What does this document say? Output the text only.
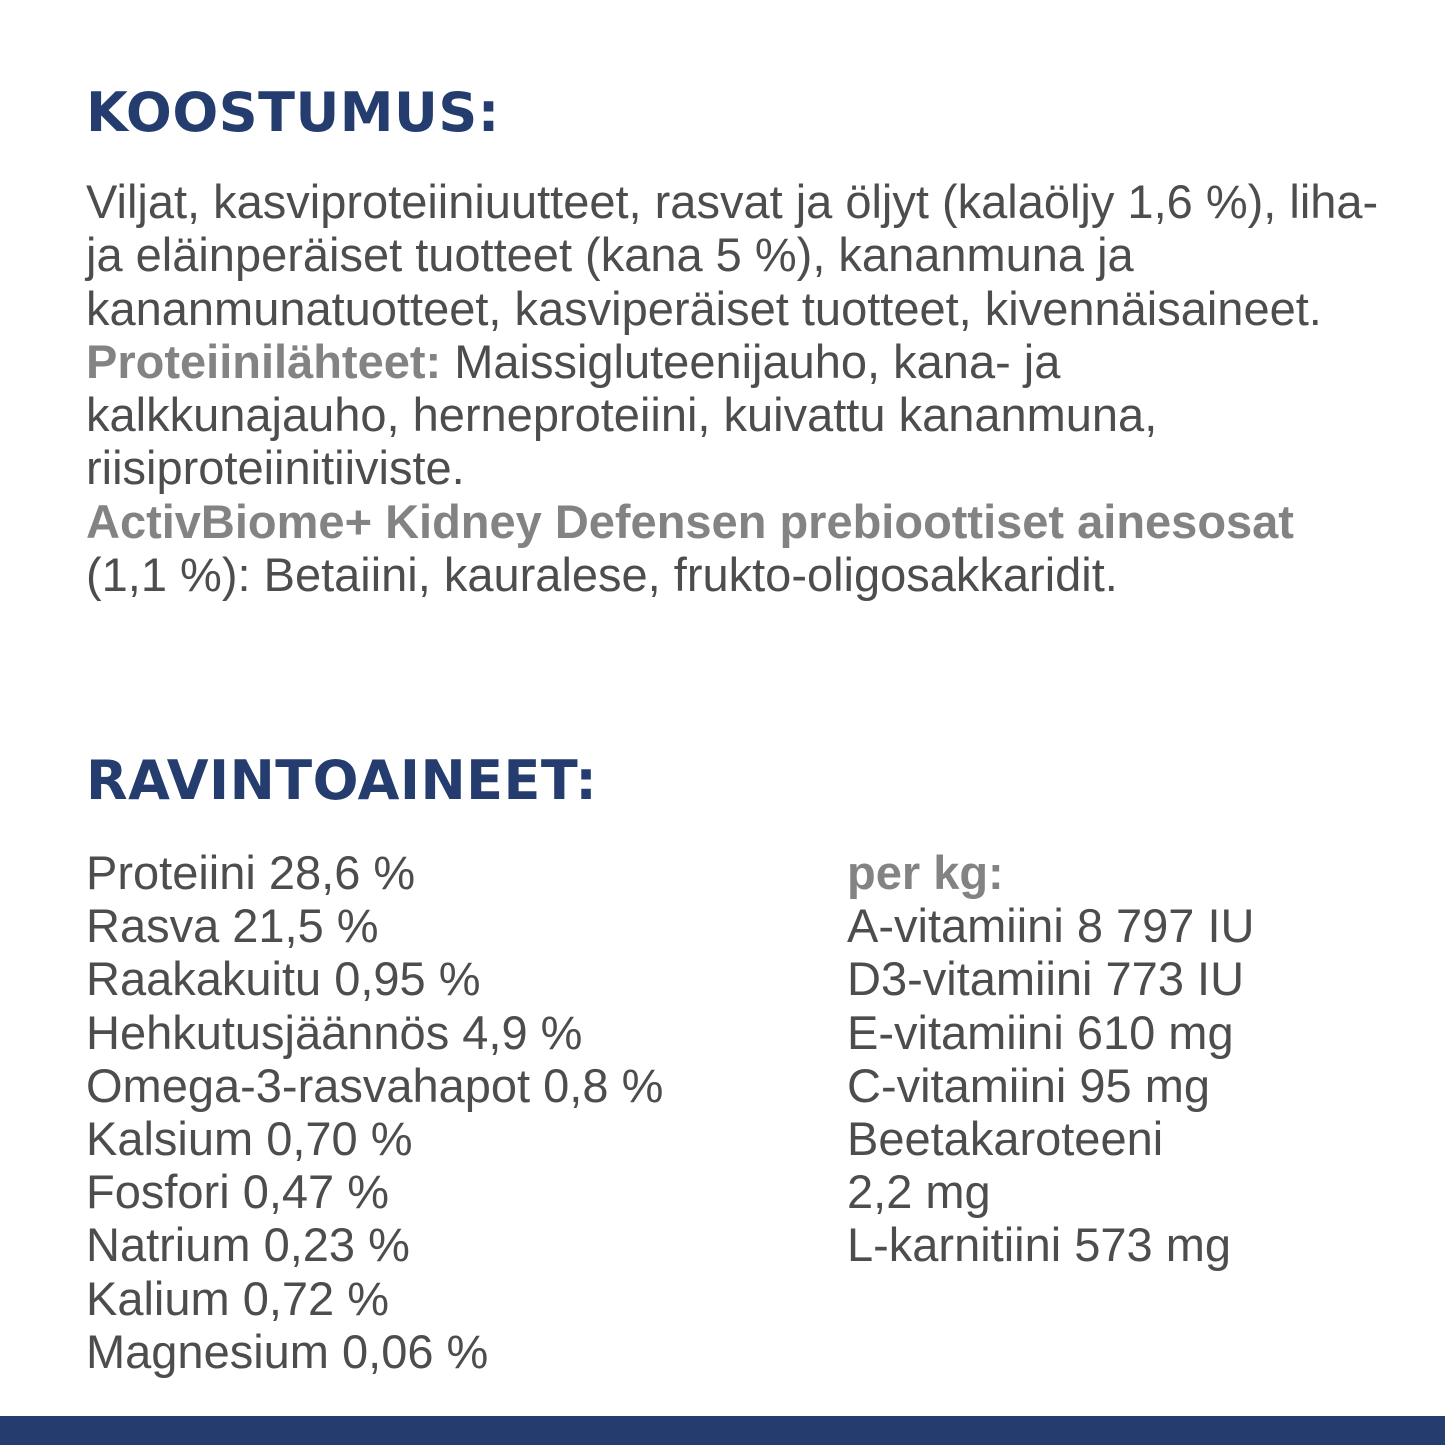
KOOSTUMUS:

Viljat, kasviproteiiniuutteet, rasvat ja öljyt (kalaöljy 1,6 %), liha- ja eläinperäiset tuotteet (kana 5 %), kananmuna ja kananmunatuotteet, kasviperäiset tuotteet, kivennäisaineet.
Proteiinilähteet: Maissigluteenijauho, kana- ja kalkkunajauho, herneproteiini, kuivattu kananmuna, riisiproteiinitiiviste.
ActivBiome+ Kidney Defensen prebioottiset ainesosat (1,1 %): Betaiini, kauralese, frukto-oligosakkaridit.

RAVINTOAINEET:
Proteiini 28,6 %
Rasva 21,5 %
Raakakuitu 0,95 %
Hehkutusjäännös 4,9 %
Omega-3-rasvahapot 0,8 %
Kalsium 0,70 %
Fosfori 0,47 %
Natrium 0,23 %
Kalium 0,72 %
Magnesium 0,06 %
per kg:
A-vitamiini 8 797 IU
D3-vitamiini 773 IU
E-vitamiini 610 mg
C-vitamiini 95 mg
Beetakaroteeni
2,2 mg
L-karnitiini 573 mg
